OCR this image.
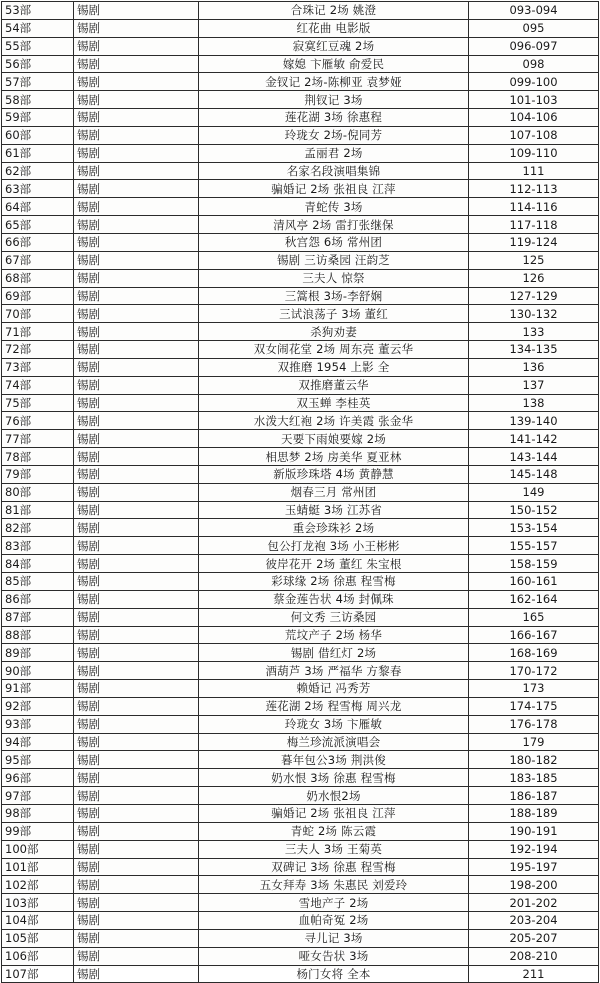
53部	锡剧	合珠记 2场 姚澄	093-094
54部	锡剧	红花曲 电影版	095
55部	锡剧	寂寞红豆魂 2场	096-097
56部	锡剧	嫁媳 卞雁敏 俞爱民	098
57部	锡剧	金钗记 2场-陈柳亚 袁梦娅	099-100
58部	锡剧	荆钗记 3场	101-103
59部	锡剧	莲花湖 3场 徐惠程	104-106
60部	锡剧	玲珑女 2场-倪同芳	107-108
61部	锡剧	孟丽君 2场	109-110
62部	锡剧	名家名段演唱集锦	111
63部	锡剧	骗婚记 2场 张祖良 江萍	112-113
64部	锡剧	青蛇传 3场	114-116
65部	锡剧	清风亭 2场 雷打张继保	117-118
66部	锡剧	秋宫怨 6场 常州团	119-124
67部	锡剧	锡剧 三访桑园 汪韵芝	125
68部	锡剧	三夫人 惊祭	126
69部	锡剧	三篙根 3场-李舒娴	127-129
70部	锡剧	三试浪荡子 3场 董红	130-132
71部	锡剧	杀狗劝妻	133
72部	锡剧	双女闹花堂 2场 周东亮 董云华	134-135
73部	锡剧	双推磨 1954 上影 全	136
74部	锡剧	双推磨董云华	137
75部	锡剧	双玉蝉 李桂英	138
76部	锡剧	水泼大红袍 2场 许美霞 张金华	139-140
77部	锡剧	天要下雨娘要嫁 2场	141-142
78部	锡剧	相思梦 2场 房美华 夏亚林	143-144
79部	锡剧	新版珍珠塔 4场 黄静慧	145-148
80部	锡剧	烟春三月 常州团	149
81部	锡剧	玉蜻蜓 3场 江苏省	150-152
82部	锡剧	重会珍珠衫 2场	153-154
83部	锡剧	包公打龙袍 3场 小王彬彬	155-157
84部	锡剧	彼岸花开 2场 董红 朱宝根	158-159
85部	锡剧	彩球缘 2场 徐惠 程雪梅	160-161
86部	锡剧	蔡金莲告状 4场 封佩珠	162-164
87部	锡剧	何文秀 三访桑园	165
88部	锡剧	荒坟产子 2场 杨华	166-167
89部	锡剧	锡剧 借红灯 2场	168-169
90部	锡剧	酒葫芦 3场 严福华 方黎春	170-172
91部	锡剧	赖婚记 冯秀芳	173
92部	锡剧	莲花湖 2场 程雪梅 周兴龙	174-175
93部	锡剧	玲珑女 3场 卞雁敏	176-178
94部	锡剧	梅兰珍流派演唱会	179
95部	锡剧	暮年包公3场 荆洪俊	180-182
96部	锡剧	奶水恨 3场 徐惠 程雪梅	183-185
97部	锡剧	奶水恨2场	186-187
98部	锡剧	骗婚记 2场 张祖良 江萍	188-189
99部	锡剧	青蛇 2场 陈云霞	190-191
100部	锡剧	三夫人 3场 王菊英	192-194
101部	锡剧	双碑记 3场 徐惠 程雪梅	195-197
102部	锡剧	五女拜寿 3场 朱惠民 刘爱玲	198-200
103部	锡剧	雪地产子 2场	201-202
104部	锡剧	血帕奇冤 2场	203-204
105部	锡剧	寻儿记 3场	205-207
106部	锡剧	哑女告状 3场	208-210
107部	锡剧	杨门女将 全本	211
